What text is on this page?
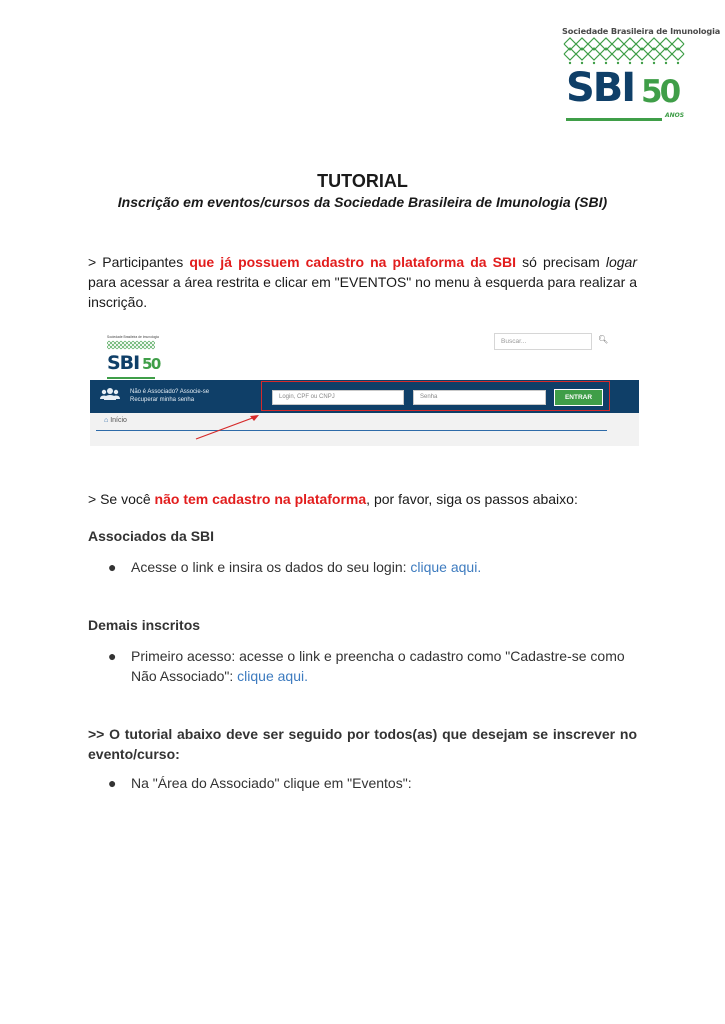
Sociedade Brasileira de Imunologia
SBI 50
ANOS
TUTORIAL
Inscrição em eventos/cursos da Sociedade Brasileira de Imunologia (SBI)
> Participantes que já possuem cadastro na plataforma da SBI só precisam logar para acessar a área restrita e clicar em "EVENTOS" no menu à esquerda para realizar a inscrição.
Sociedade Brasileira de Imunologia
SBI 50
Buscar...	🔍︎
Não é Associado? Associe-se
Recuperar minha senha	Login, CPF ou CNPJ	Senha	ENTRAR
⌂ Início
> Se você não tem cadastro na plataforma, por favor, siga os passos abaixo:
Associados da SBI
●	Acesse o link e insira os dados do seu login: clique aqui.
Demais inscritos
●	Primeiro acesso: acesse o link e preencha o cadastro como "Cadastre-se como Não Associado": clique aqui.
>> O tutorial abaixo deve ser seguido por todos(as) que desejam se inscrever no evento/curso:
●	Na "Área do Associado" clique em "Eventos":
